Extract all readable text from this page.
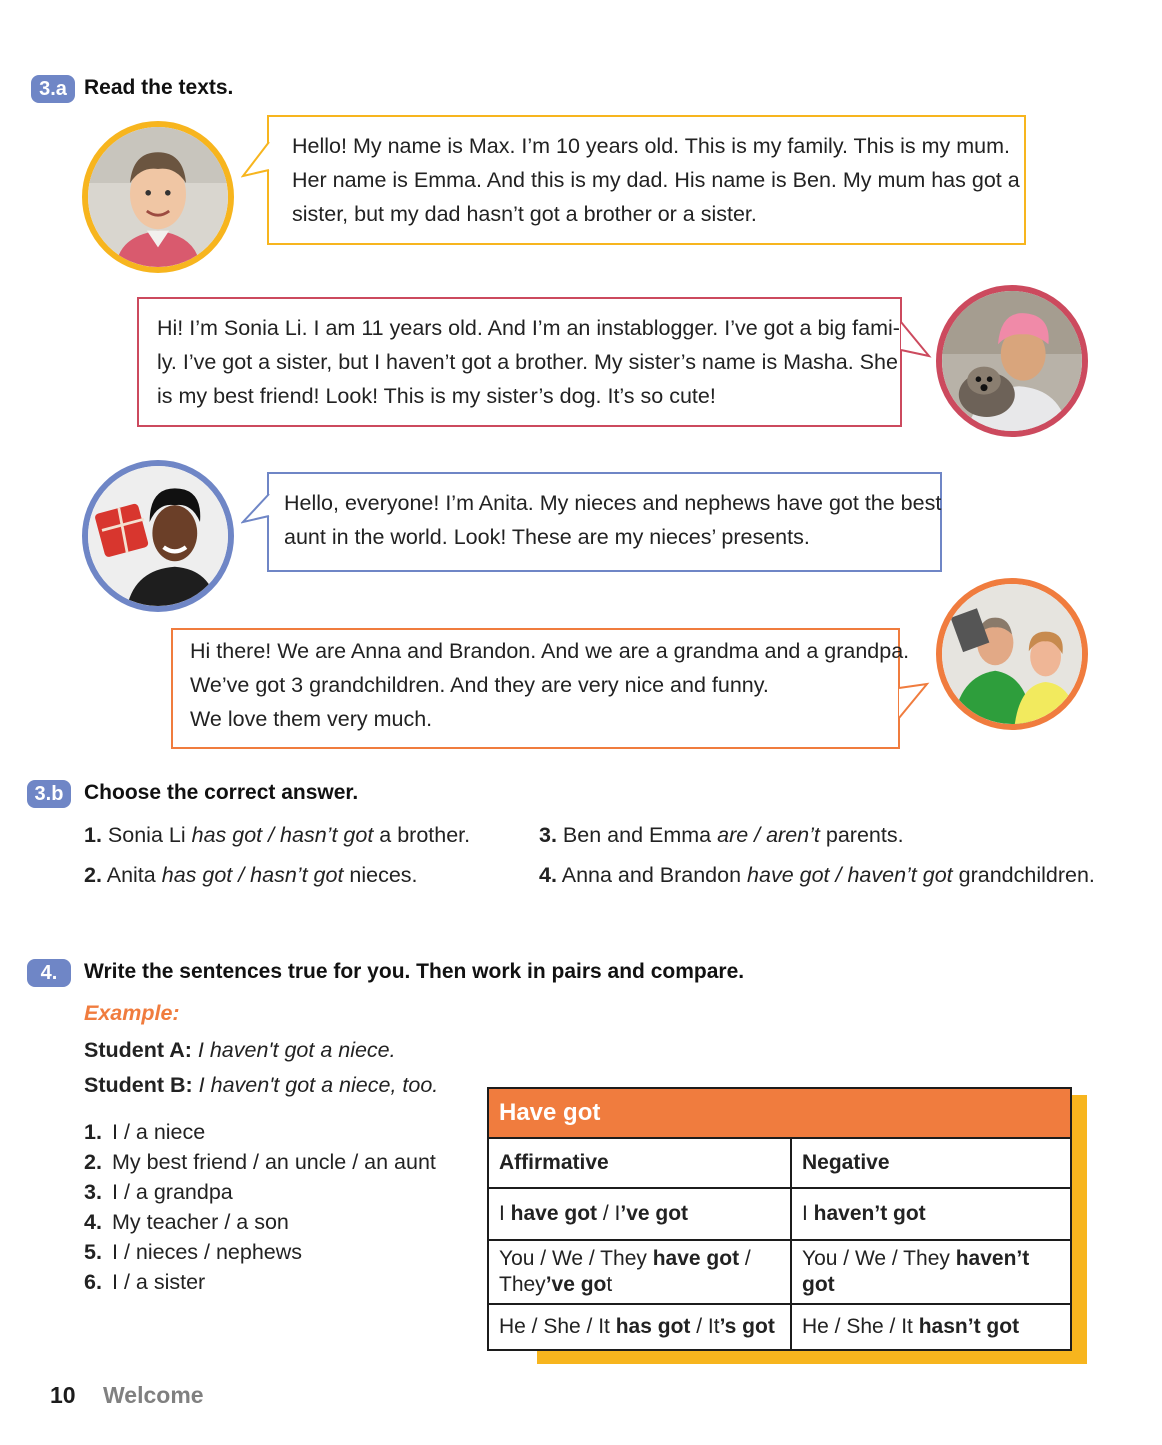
3.a Read the texts.

Hello! My name is Max. I’m 10 years old. This is my family. This is my mum.

Her name is Emma. And this is my dad. His name is Ben. My mum has got a

sister, but my dad hasn’t got a brother or a sister.

Hi! I’m Sonia Li. I am 11 years old. And I’m an instablogger. I’ve got a big fami-

ly. I’ve got a sister, but I haven’t got a brother. My sister’s name is Masha. She

is my best friend! Look! This is my sister’s dog. It’s so cute!

Hello, everyone! I’m Anita. My nieces and nephews have got the best

aunt in the world. Look! These are my nieces’ presents.

Hi there! We are Anna and Brandon. And we are a grandma and a grandpa.

We’ve got 3 grandchildren. And they are very nice and funny.

We love them very much.

3.b Choose the correct answer.
1. Sonia Li has got / hasn’t got a brother.
2. Anita has got / hasn’t got nieces.
3. Ben and Emma are / aren’t parents.
4. Anna and Brandon have got / haven’t got grandchildren.
4.	Write the sentences true for you. Then work in pairs and compare.
Example:
Student A: I haven't got a niece.
Student B: I haven't got a niece, too.
1. I / a niece
2. My best friend / an uncle / an aunt
3. I / a grandpa
4. My teacher / a son
5. I / nieces / nephews
6. I / a sister
Have got	
Affirmative	Negative
I have got / I’ve got	I haven’t got
You / We / They have got / They’ve got	You / We / They haven’t got
He / She / It has got / It’s got	He / She / It hasn’t got
10 Welcome
